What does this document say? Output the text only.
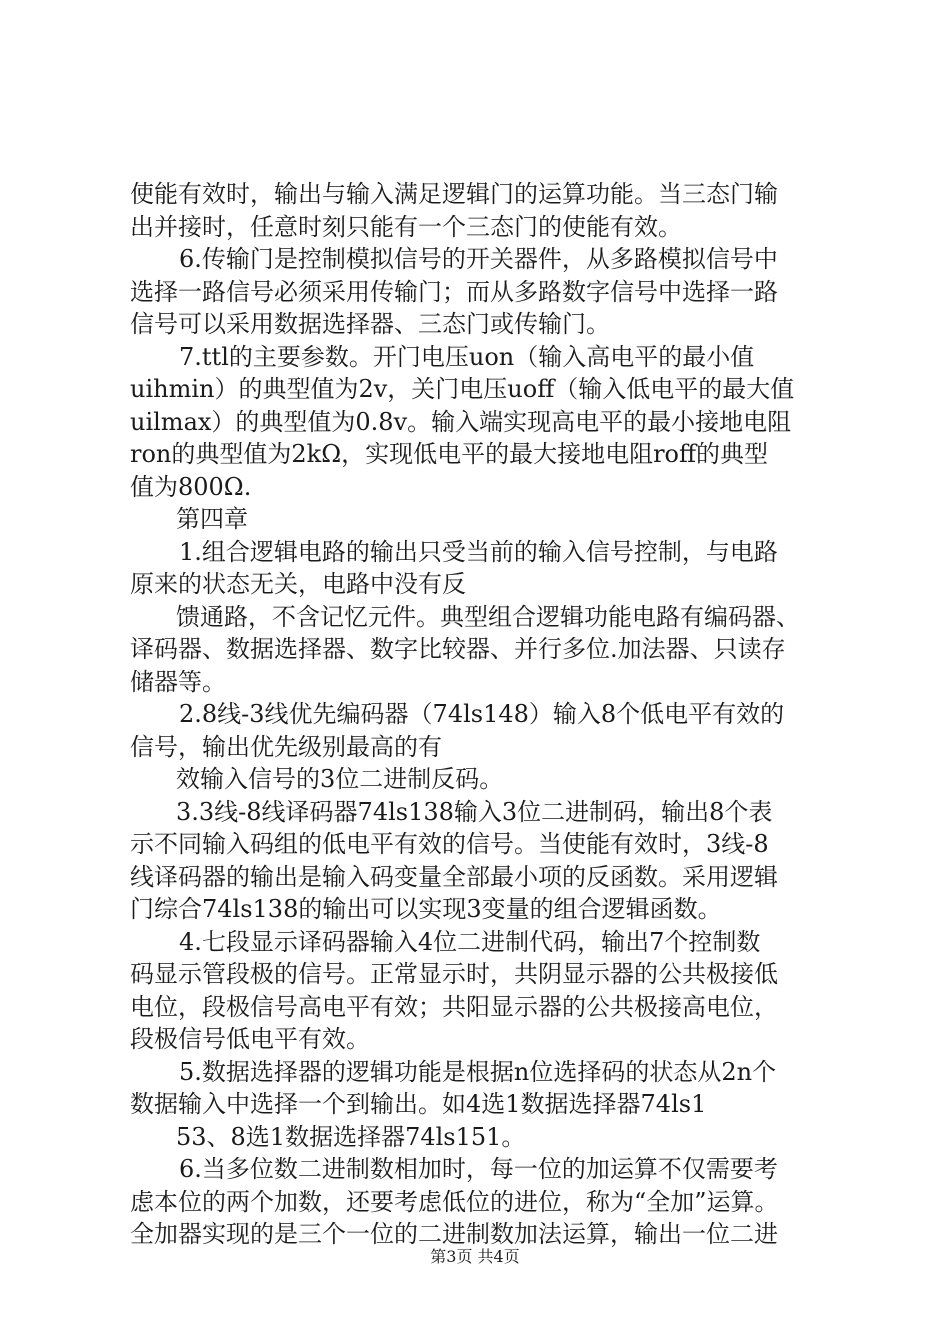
使能有效时，输出与输入满足逻辑门的运算功能。当三态门输
出并接时，任意时刻只能有一个三态门的使能有效。
6.传输门是控制模拟信号的开关器件，从多路模拟信号中
选择一路信号必须采用传输门；而从多路数字信号中选择一路
信号可以采用数据选择器、三态门或传输门。
7.ttl的主要参数。开门电压uon（输入高电平的最小值
uihmin）的典型值为2v，关门电压uoff（输入低电平的最大值
uilmax）的典型值为0.8v。输入端实现高电平的最小接地电阻
ron的典型值为2kΩ，实现低电平的最大接地电阻roff的典型
值为800Ω.
第四章
1.组合逻辑电路的输出只受当前的输入信号控制，与电路
原来的状态无关，电路中没有反
馈通路，不含记忆元件。典型组合逻辑功能电路有编码器、
译码器、数据选择器、数字比较器、并行多位.加法器、只读存
储器等。
2.8线-3线优先编码器（74ls148）输入8个低电平有效的
信号，输出优先级别最高的有
效输入信号的3位二进制反码。
3.3线-8线译码器74ls138输入3位二进制码，输出8个表
示不同输入码组的低电平有效的信号。当使能有效时，3线-8
线译码器的输出是输入码变量全部最小项的反函数。采用逻辑
门综合74ls138的输出可以实现3变量的组合逻辑函数。
4.七段显示译码器输入4位二进制代码，输出7个控制数
码显示管段极的信号。正常显示时，共阴显示器的公共极接低
电位，段极信号高电平有效；共阳显示器的公共极接高电位，
段极信号低电平有效。
5.数据选择器的逻辑功能是根据n位选择码的状态从2n个
数据输入中选择一个到输出。如4选1数据选择器74ls1
53、8选1数据选择器74ls151。
6.当多位数二进制数相加时，每一位的加运算不仅需要考
虑本位的两个加数，还要考虑低位的进位，称为“全加”运算。
全加器实现的是三个一位的二进制数加法运算，输出一位二进
第3页 共4页
